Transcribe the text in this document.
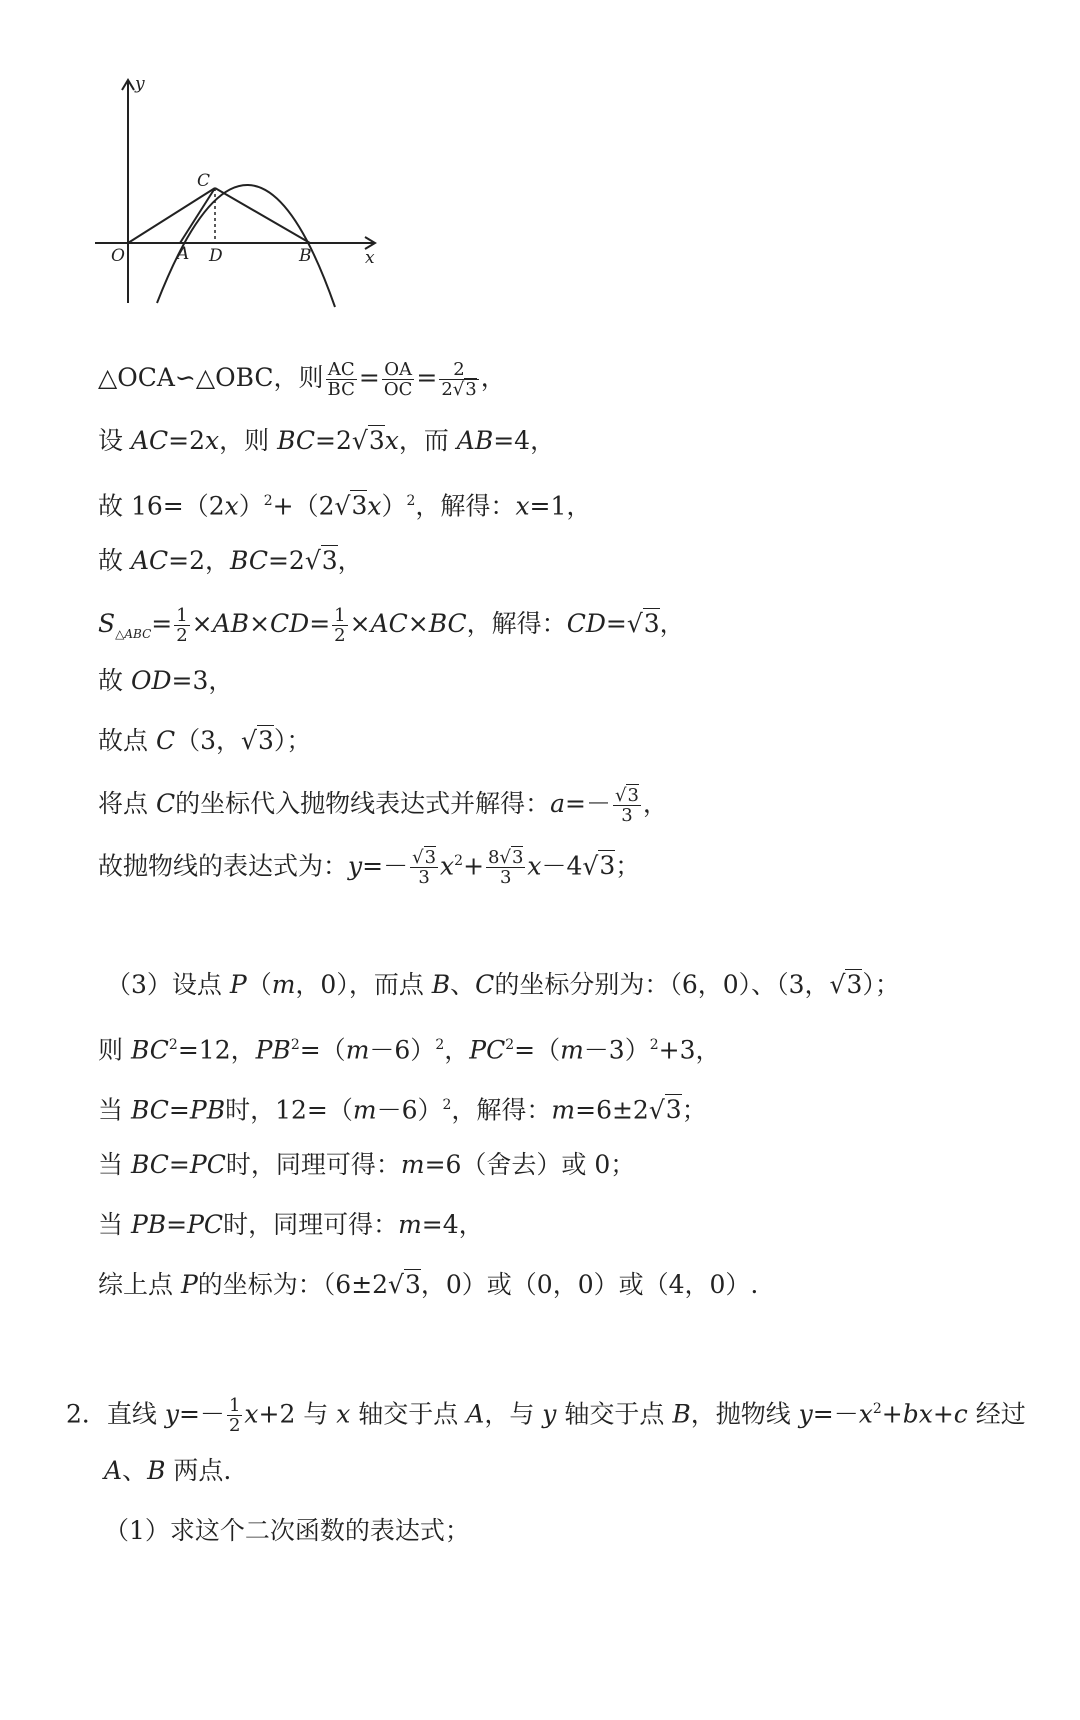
y
x
O	A D	B
C
△OCA∽△OBC，则 $\frac{AC}{BC} = \frac{OA}{OC} = \frac{2}{2√3}$ ，
设 AC=2x，则 BC=2√3x，而 AB=4，
故 $16=(2x)^2+(2√3x)^2$，解得：x=1，
故 AC=2，BC=2√3，
$S_{\triangle ABC}= \frac{1}{2} \times AB\times CD= \frac{1}{2} \times AC\times BC$，解得：CD=√3，
故 OD=3，
故点 C（3，√3）；
将点 C的坐标代入抛物线表达式并解得：$a=- \frac{√3}{3}$ ，
故抛物线的表达式为：$y=- \frac{√3}{3} x^2+ \frac{8√3}{3} x-4√3$；
（3）设点 P（m，0），而点 B、C的坐标分别为：（6，0）、（3，√3）；
则 $BC^2=12$，$PB^2=(m-6)^2$，$PC^2=(m-3)^2+3$，
当 BC=PB时，$12=(m-6)^2$，解得：m=6±2√3；
当 BC=PC时，同理可得：m=6（舍去）或 0；
当 PB=PC时，同理可得：m=4，
综上点 P的坐标为：（6±2√3，0）或（0，0）或（4，0）.
2．直线 $y=- \frac{1}{2} x+2$ 与 x 轴交于点 A，与 y 轴交于点 B，抛物线 $y=-x^2+bx+c$ 经过
A、B 两点.
（1）求这个二次函数的表达式；
